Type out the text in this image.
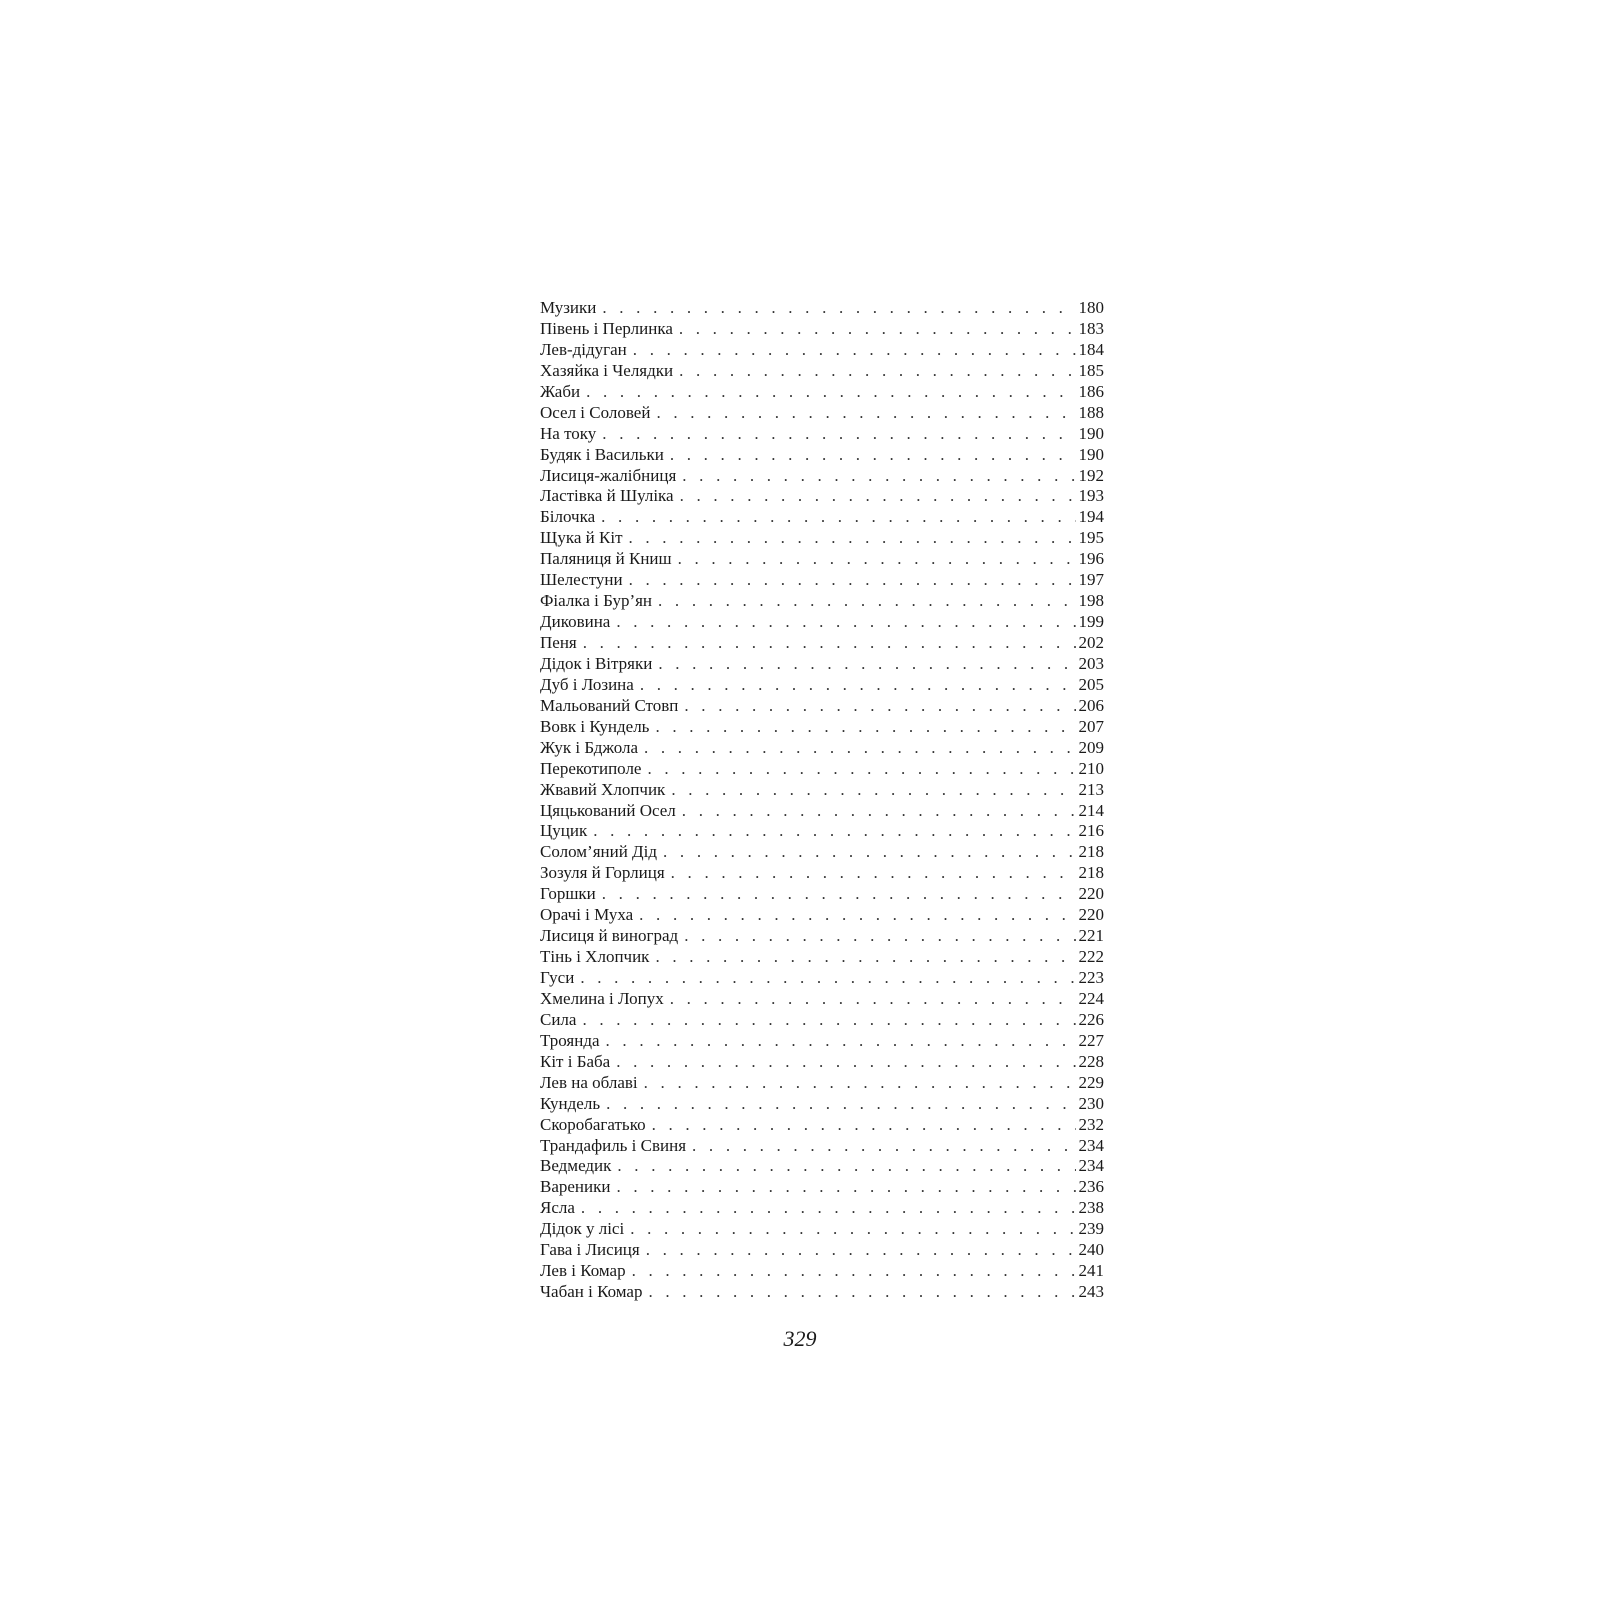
Музики . . .	180
Півень і Перлинка . . .	183
Лев-дідуган . . .	184
Хазяйка і Челядки . . .	185
Жаби . . .	186
Осел і Соловей . . .	188
На току . . .	190
Будяк і Васильки . . .	190
Лисиця-жалібниця . . .	192
Ластівка й Шуліка . . .	193
Білочка . . .	194
Щука й Кіт . . .	195
Паляниця й Книш . . .	196
Шелестуни . . .	197
Фіалка і Бур’ян . . .	198
Диковина . . .	199
Пеня . . .	202
Дідок і Вітряки . . .	203
Дуб і Лозина . . .	205
Мальований Стовп . . .	206
Вовк і Кундель . . .	207
Жук і Бджола . . .	209
Перекотиполе . . .	210
Жвавий Хлопчик . . .	213
Цяцькований Осел . . .	214
Цуцик . . .	216
Солом’яний Дід . . .	218
Зозуля й Горлиця . . .	218
Горшки . . .	220
Орачі і Муха . . .	220
Лисиця й виноград . . .	221
Тінь і Хлопчик . . .	222
Гуси . . .	223
Хмелина і Лопух . . .	224
Сила . . .	226
Троянда . . .	227
Кіт і Баба . . .	228
Лев на облаві . . .	229
Кундель . . .	230
Скоробагатько . . .	232
Трандафиль і Свиня . . .	234
Ведмедик . . .	234
Вареники . . .	236
Ясла . . .	238
Дідок у лісі . . .	239
Гава і Лисиця . . .	240
Лев і Комар . . .	241
Чабан і Комар . . .	243
329
